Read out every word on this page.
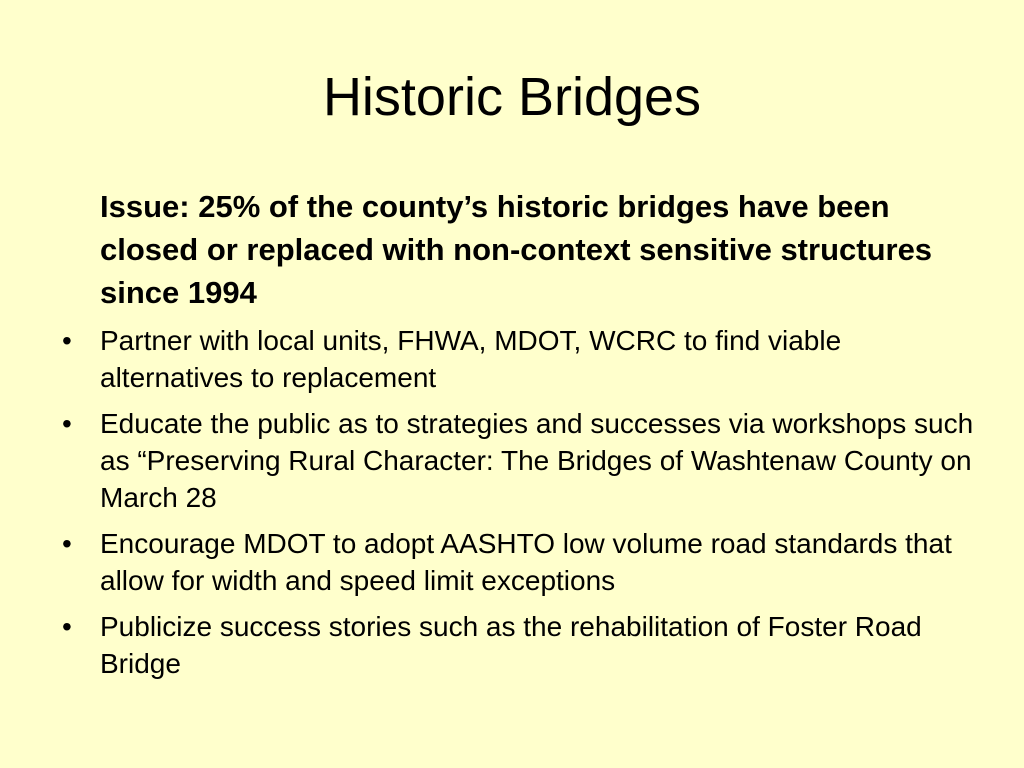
Historic Bridges

Issue: 25% of the county’s historic bridges have been closed or replaced with non-context sensitive structures since 1994

• Partner with local units, FHWA, MDOT, WCRC to find viable alternatives to replacement
• Educate the public as to strategies and successes via workshops such as “Preserving Rural Character: The Bridges of Washtenaw County on March 28
• Encourage MDOT to adopt AASHTO low volume road standards that allow for width and speed limit exceptions
• Publicize success stories such as the rehabilitation of Foster Road Bridge
